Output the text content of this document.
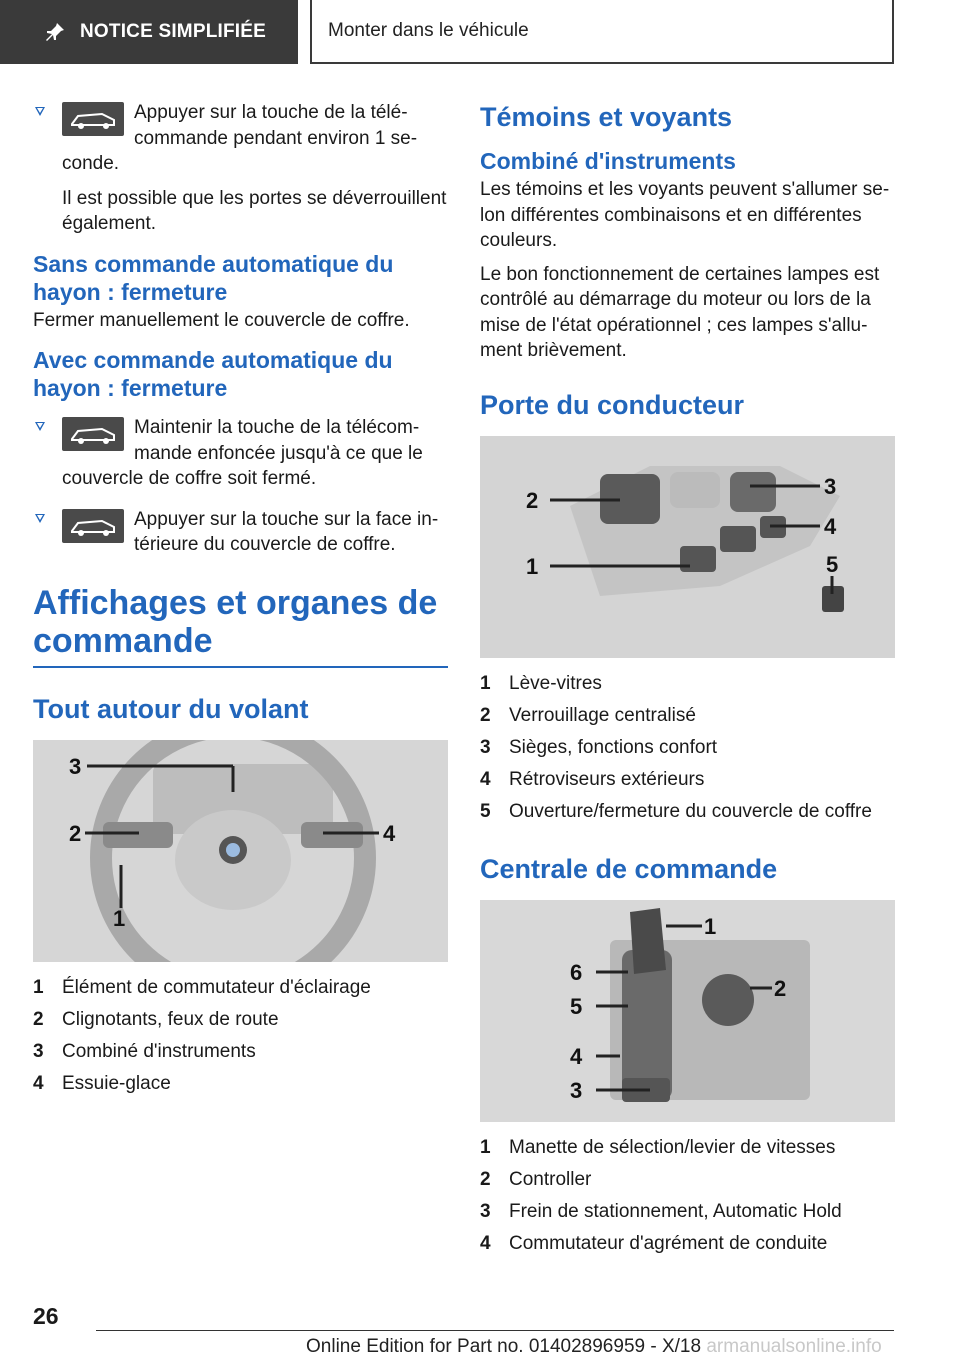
NOTICE SIMPLIFIÉE	Monter dans le véhicule

Appuyer sur la touche de la télécommande pendant environ 1 seconde.

Il est possible que les portes se déverrouillent également.

Sans commande automatique du hayon : fermeture

Fermer manuellement le couvercle de coffre.

Avec commande automatique du hayon : fermeture

Maintenir la touche de la télécommande enfoncée jusqu'à ce que le couvercle de coffre soit fermé.

Appuyer sur la touche sur la face intérieure du couvercle de coffre.

Affichages et organes de commande
Tout autour du volant
3
2	4
1
1 Élément de commutateur d'éclairage
2 Clignotants, feux de route
3 Combiné d'instruments
4 Essuie-glace
Témoins et voyants
Combiné d'instruments

Les témoins et les voyants peuvent s'allumer selon différentes combinaisons et en différentes couleurs.

Le bon fonctionnement de certaines lampes est contrôlé au démarrage du moteur ou lors de la mise de l'état opérationnel ; ces lampes s'allument brièvement.

Porte du conducteur
2
3
4
1	5
1 Lève-vitres
2 Verrouillage centralisé
3 Sièges, fonctions confort
4 Rétroviseurs extérieurs
5 Ouverture/fermeture du couvercle de coffre
Centrale de commande
1
6
2
5
4
3
1 Manette de sélection/levier de vitesses
2 Controller
3 Frein de stationnement, Automatic Hold
4 Commutateur d'agrément de conduite
26
Online Edition for Part no. 01402896959 - X/18 armanualsonline.info
